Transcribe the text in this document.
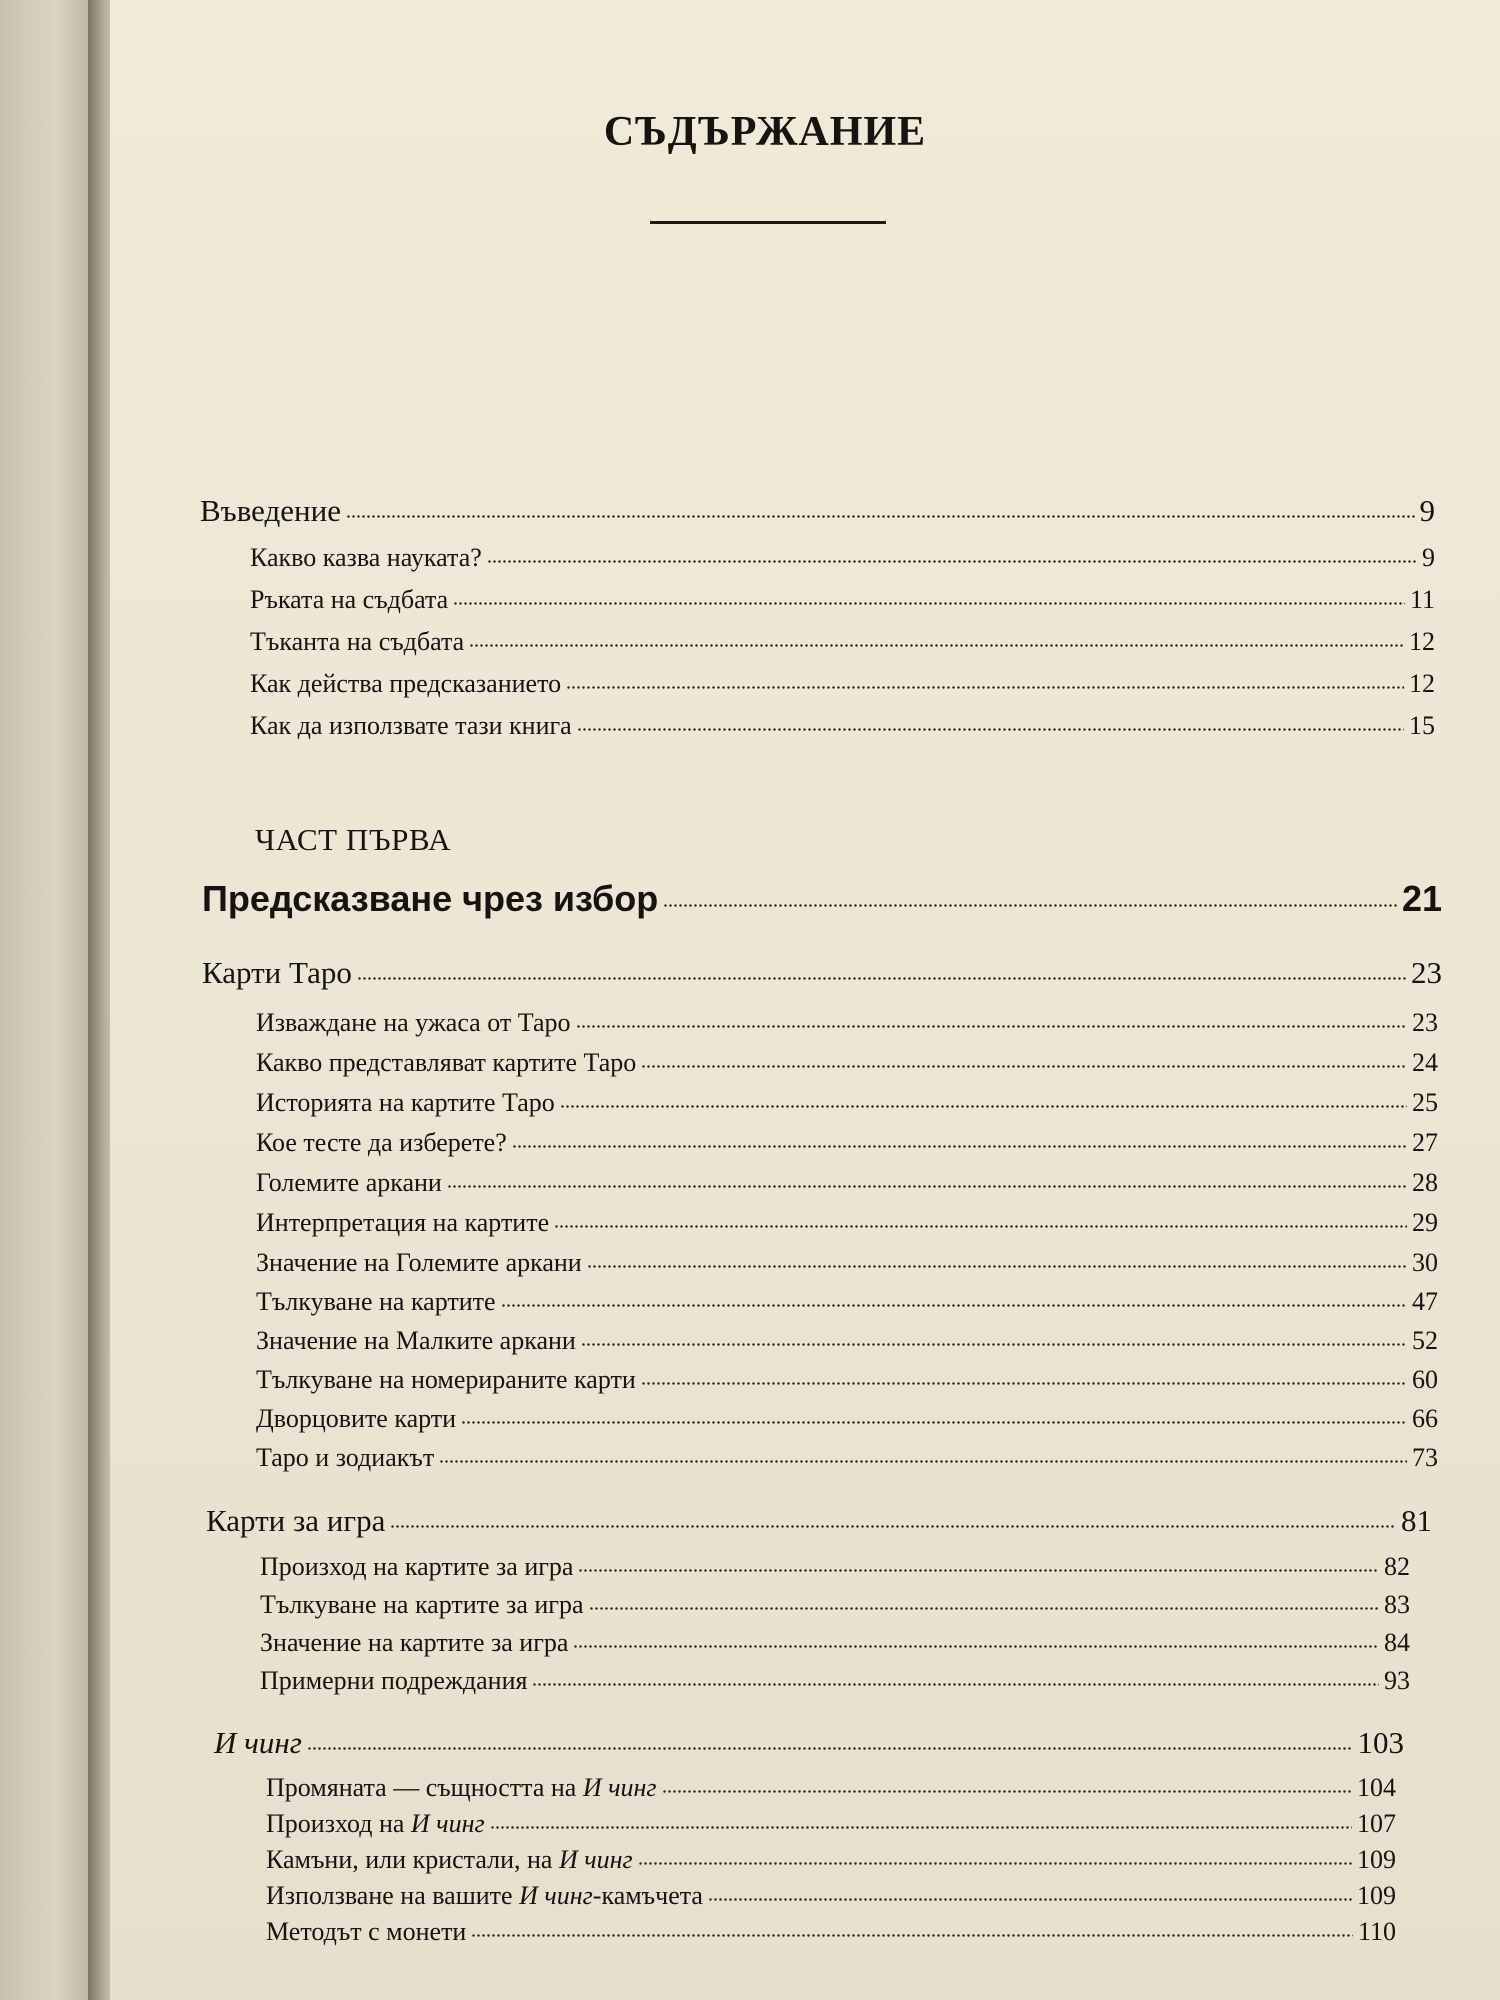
СЪДЪРЖАНИЕ
Въведение	9
Какво казва науката?	9
Ръката на съдбата	11
Тъканта на съдбата	12
Как действа предсказанието	12
Как да използвате тази книга	15
ЧАСТ ПЪРВА
Предсказване чрез избор	21
Карти Таро	23
Изваждане на ужаса от Таро	23
Какво представляват картите Таро	24
Историята на картите Таро	25
Кое тесте да изберете?	27
Големите аркани	28
Интерпретация на картите	29
Значение на Големите аркани	30
Тълкуване на картите	47
Значение на Малките аркани	52
Тълкуване на номерираните карти	60
Дворцовите карти	66
Таро и зодиакът	73
Карти за игра	81
Произход на картите за игра	82
Тълкуване на картите за игра	83
Значение на картите за игра	84
Примерни подреждания	93
И чинг	103
Промяната — същността на И чинг	104
Произход на И чинг	107
Камъни, или кристали, на И чинг	109
Използване на вашите И чинг-камъчета	109
Методът с монети	110
